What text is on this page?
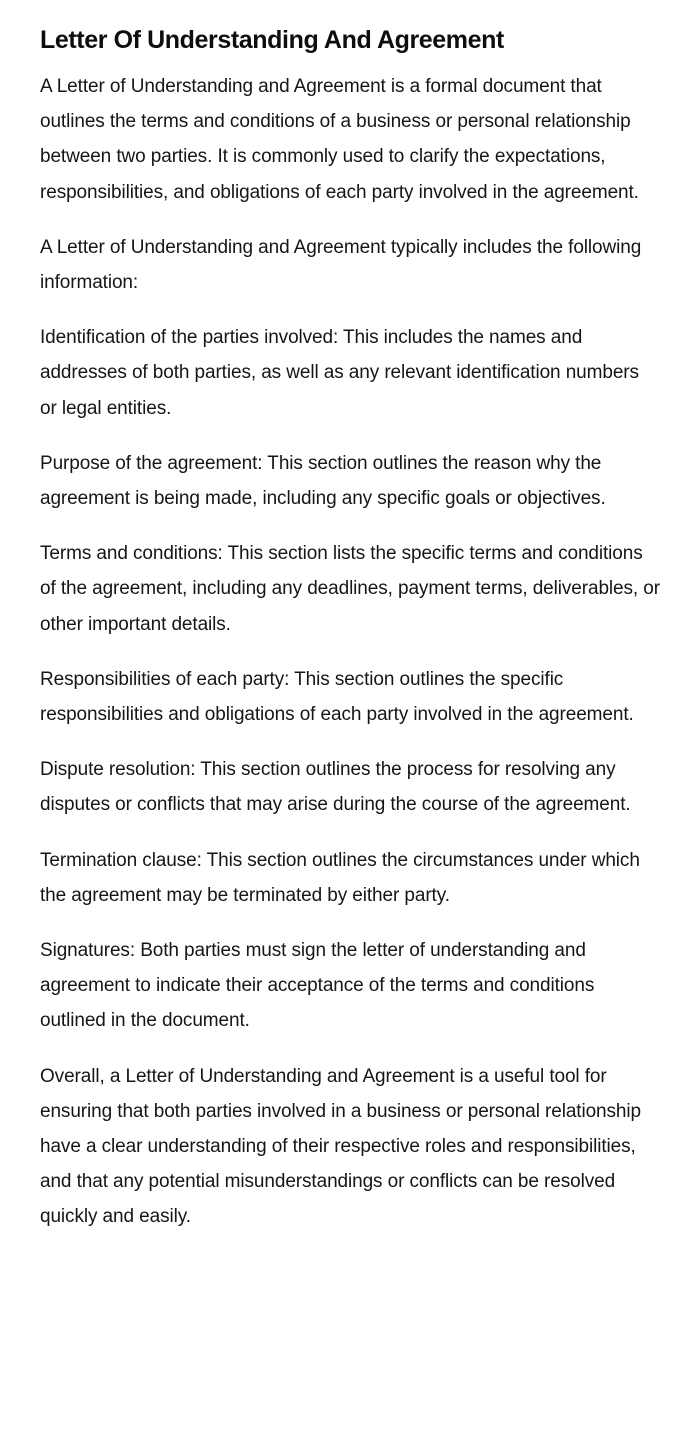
Letter Of Understanding And Agreement

A Letter of Understanding and Agreement is a formal document that outlines the terms and conditions of a business or personal relationship between two parties. It is commonly used to clarify the expectations, responsibilities, and obligations of each party involved in the agreement.

A Letter of Understanding and Agreement typically includes the following information:

Identification of the parties involved: This includes the names and addresses of both parties, as well as any relevant identification numbers or legal entities.

Purpose of the agreement: This section outlines the reason why the agreement is being made, including any specific goals or objectives.

Terms and conditions: This section lists the specific terms and conditions of the agreement, including any deadlines, payment terms, deliverables, or other important details.

Responsibilities of each party: This section outlines the specific responsibilities and obligations of each party involved in the agreement.

Dispute resolution: This section outlines the process for resolving any disputes or conflicts that may arise during the course of the agreement.

Termination clause: This section outlines the circumstances under which the agreement may be terminated by either party.

Signatures: Both parties must sign the letter of understanding and agreement to indicate their acceptance of the terms and conditions outlined in the document.

Overall, a Letter of Understanding and Agreement is a useful tool for ensuring that both parties involved in a business or personal relationship have a clear understanding of their respective roles and responsibilities, and that any potential misunderstandings or conflicts can be resolved quickly and easily.
